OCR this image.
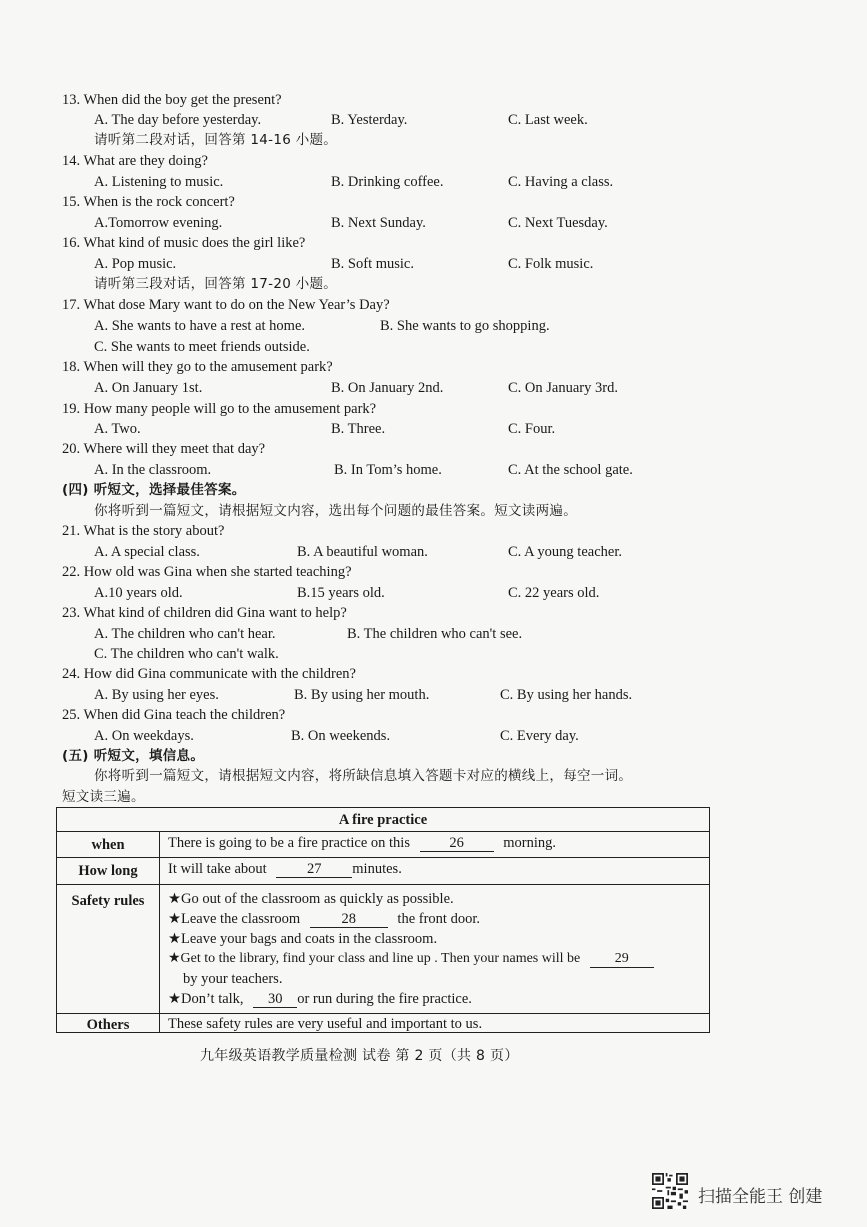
13. When did the boy get the present?
A. The day before yesterday.	B. Yesterday.	C. Last week.
请听第二段对话，回答第 14-16 小题。
14. What are they doing?
A. Listening to music.	B. Drinking coffee.	C. Having a class.
15. When is the rock concert?
A.Tomorrow evening.	B. Next Sunday.	C. Next Tuesday.
16. What kind of music does the girl like?
A. Pop music.	B. Soft music.	C. Folk music.
请听第三段对话，回答第 17-20 小题。
17. What dose Mary want to do on the New Year’s Day?
A. She wants to have a rest at home.	B. She wants to go shopping.
C. She wants to meet friends outside.
18. When will they go to the amusement park?
A. On January 1st.	B. On January 2nd.	C. On January 3rd.
19. How many people will go to the amusement park?
A. Two.	B. Three.	C. Four.
20. Where will they meet that day?
A. In the classroom.	B. In Tom’s home.	C. At the school gate.
(四) 听短文，选择最佳答案。
你将听到一篇短文，请根据短文内容，选出每个问题的最佳答案。短文读两遍。
21. What is the story about?
A. A special class.	B. A beautiful woman.	C. A young teacher.
22. How old was Gina when she started teaching?
A.10 years old.	B.15 years old.	C. 22 years old.
23. What kind of children did Gina want to help?
A. The children who can't hear.	B. The children who can't see.
C. The children who can't walk.
24. How did Gina communicate with the children?
A. By using her eyes.	B. By using her mouth.	C. By using her hands.
25. When did Gina teach the children?
A. On weekdays.	B. On weekends.	C. Every day.
(五) 听短文，填信息。
你将听到一篇短文，请根据短文内容，将所缺信息填入答题卡对应的横线上，每空一词。
短文读三遍。
A fire practice
when	There is going to be a fire practice on this	26	morning.
How long	It will take about	27 minutes.
Safety rules	★Go out of the classroom as quickly as possible.
★Leave the classroom	28	the front door.
★Leave your bags and coats in the classroom.
★Get to the library, find your class and line up . Then your names will be 29
by your teachers.
★Don’t talk, 30 or run during the fire practice.
Others	These safety rules are very useful and important to us.
九年级英语教学质量检测 试卷 第 2 页（共 8 页）
扫描全能王 创建
